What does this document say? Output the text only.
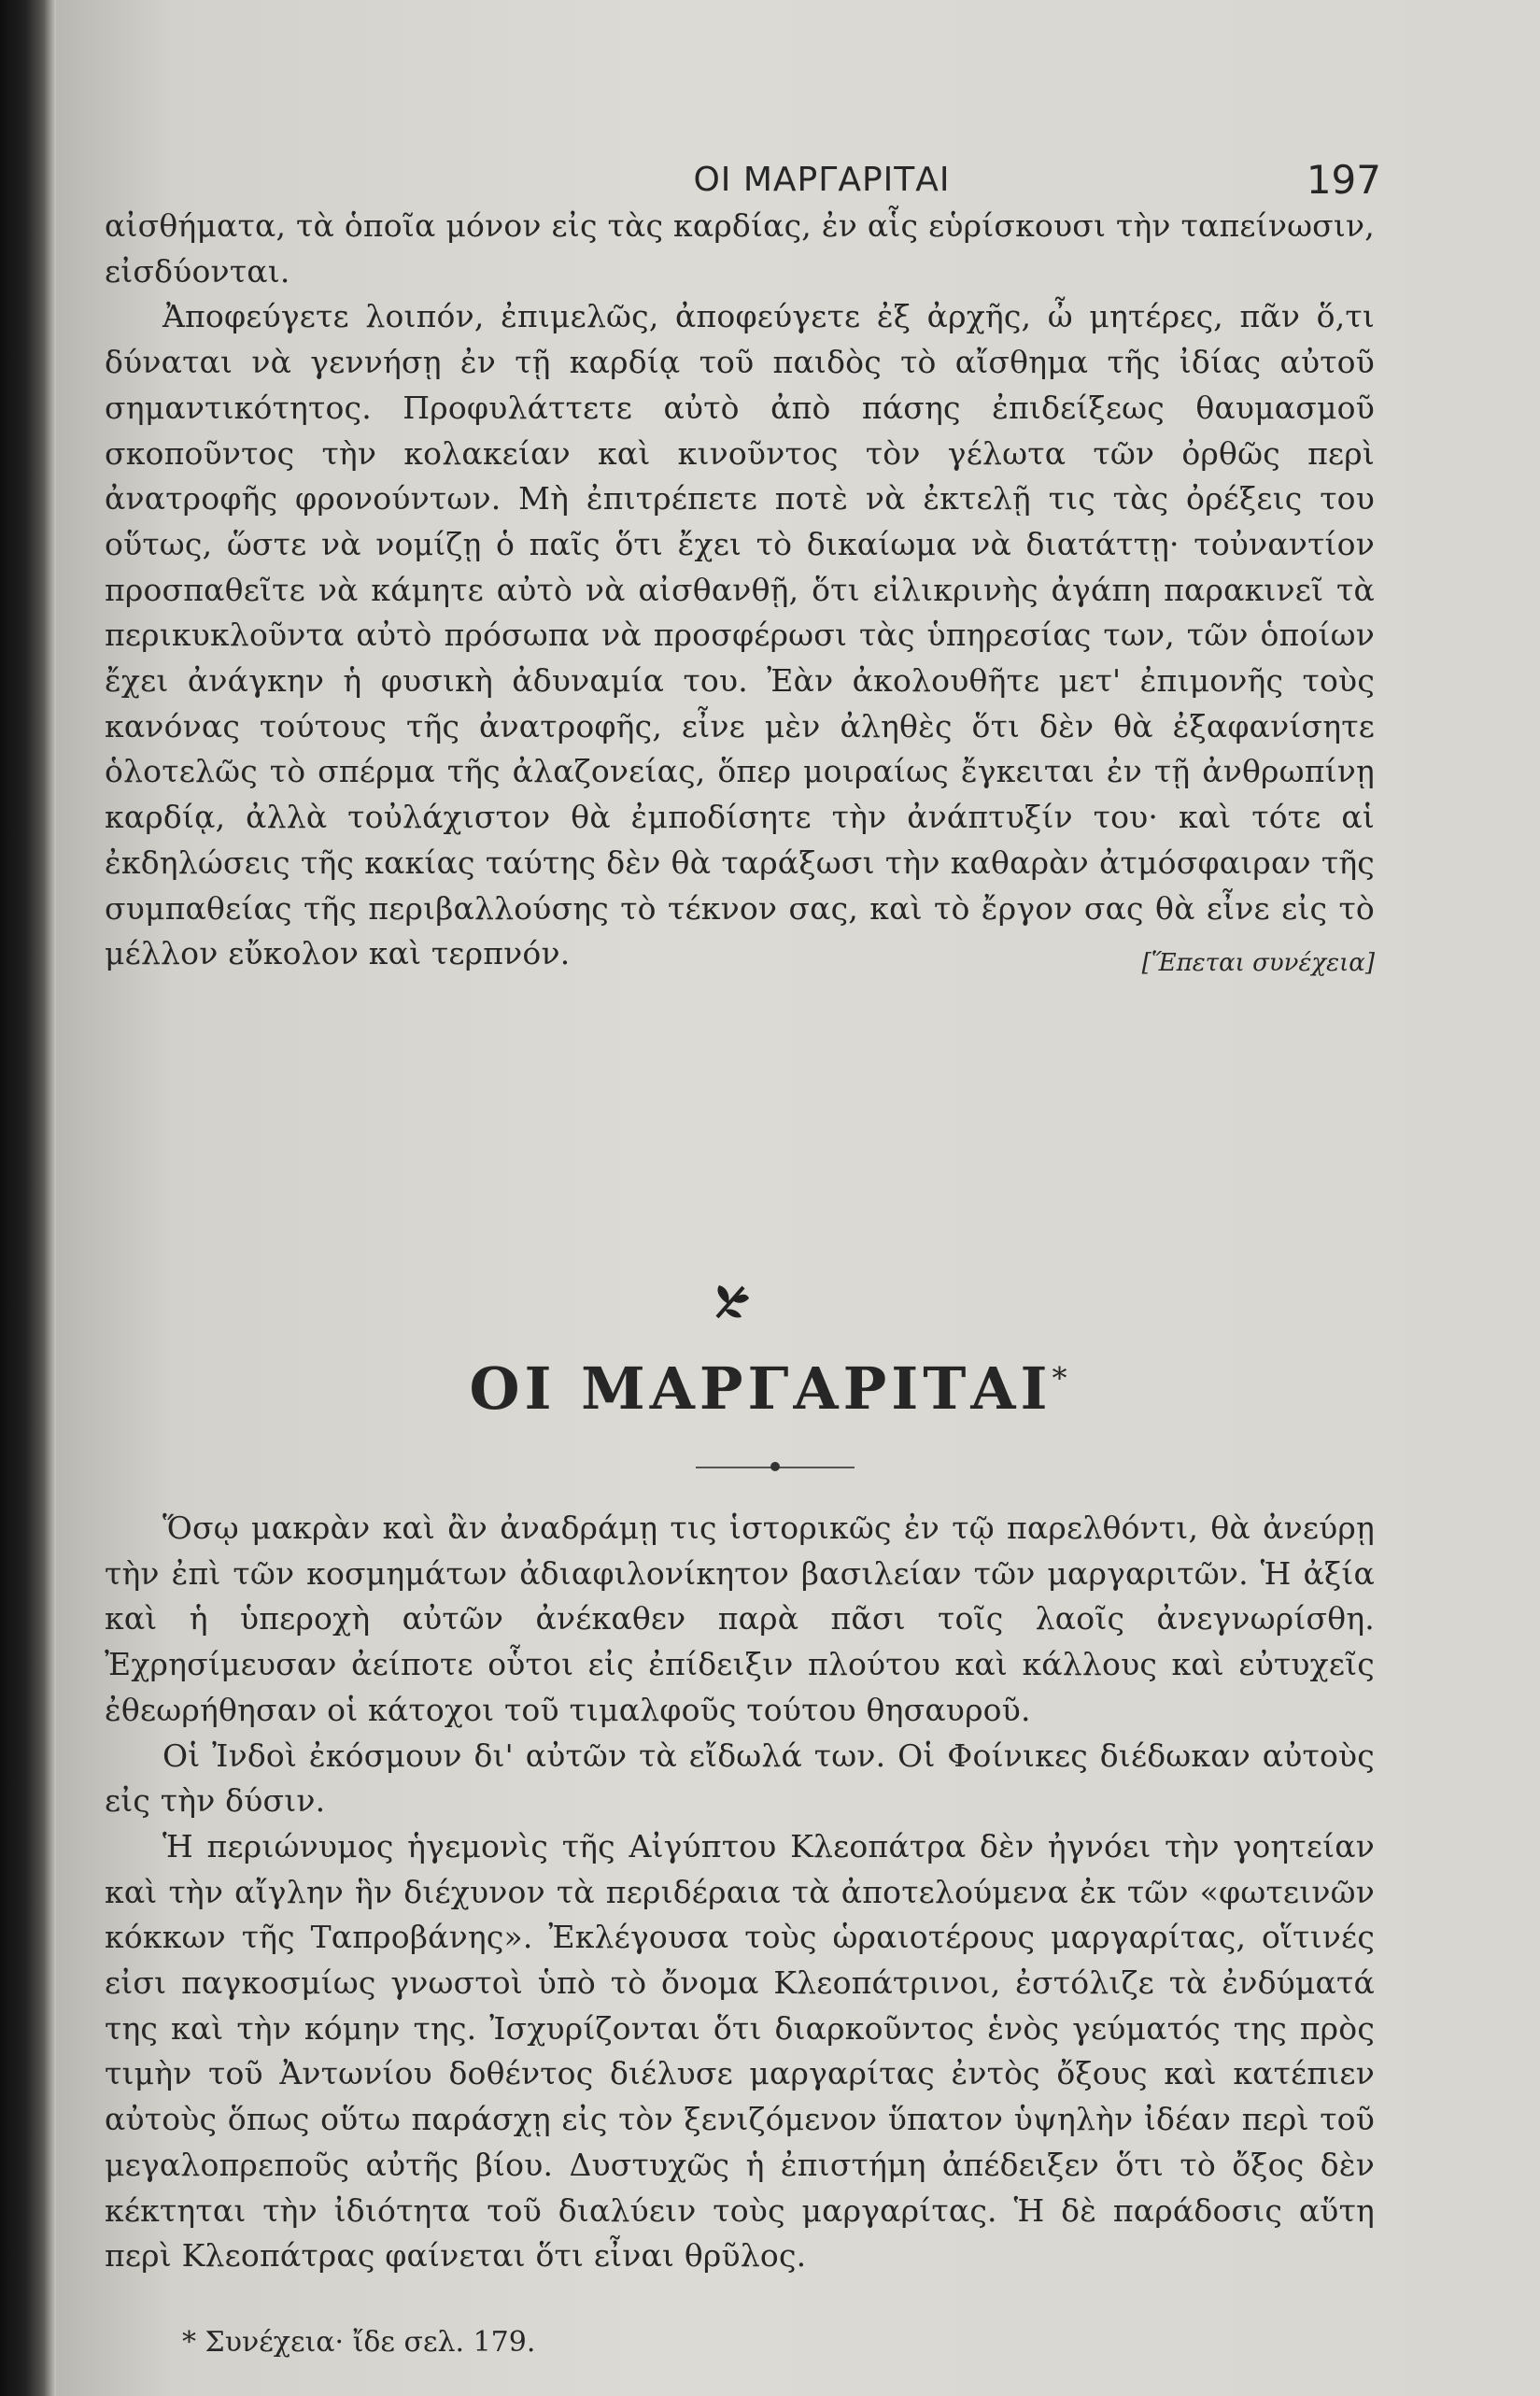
ΟΙ ΜΑΡΓΑΡΙΤΑΙ	197

αἰσθήματα, τὰ ὁποῖα μόνον εἰς τὰς καρδίας, ἐν αἷς εὑρίσκουσι τὴν ταπείνωσιν, εἰσδύονται.

Ἀποφεύγετε λοιπόν, ἐπιμελῶς, ἀποφεύγετε ἐξ ἀρχῆς, ὦ μητέρες, πᾶν ὅ,τι δύναται νὰ γεννήσῃ ἐν τῇ καρδίᾳ τοῦ παιδὸς τὸ αἴσθημα τῆς ἰδίας αὐτοῦ σημαντικότητος. Προφυλάττετε αὐτὸ ἀπὸ πάσης ἐπιδείξεως θαυμασμοῦ σκοποῦντος τὴν κολακείαν καὶ κινοῦντος τὸν γέλωτα τῶν ὀρθῶς περὶ ἀνατροφῆς φρονούντων. Μὴ ἐπιτρέπετε ποτὲ νὰ ἐκτελῇ τις τὰς ὀρέξεις του οὕτως, ὥστε νὰ νομίζῃ ὁ παῖς ὅτι ἔχει τὸ δικαίωμα νὰ διατάττῃ· τοὐναντίον προσπαθεῖτε νὰ κάμητε αὐτὸ νὰ αἰσθανθῇ, ὅτι εἰλικρινὴς ἀγάπη παρακινεῖ τὰ περικυκλοῦντα αὐτὸ πρόσωπα νὰ προσφέρωσι τὰς ὑπηρεσίας των, τῶν ὁποίων ἔχει ἀνάγκην ἡ φυσικὴ ἀδυναμία του. Ἐὰν ἀκολουθῆτε μετ' ἐπιμονῆς τοὺς κανόνας τούτους τῆς ἀνατροφῆς, εἶνε μὲν ἀληθὲς ὅτι δὲν θὰ ἐξαφανίσητε ὁλοτελῶς τὸ σπέρμα τῆς ἀλαζονείας, ὅπερ μοιραίως ἔγκειται ἐν τῇ ἀνθρωπίνῃ καρδίᾳ, ἀλλὰ τοὐλάχιστον θὰ ἐμποδίσητε τὴν ἀνάπτυξίν του· καὶ τότε αἱ ἐκδηλώσεις τῆς κακίας ταύτης δὲν θὰ ταράξωσι τὴν καθαρὰν ἀτμόσφαιραν τῆς συμπαθείας τῆς περιβαλλούσης τὸ τέκνον σας, καὶ τὸ ἔργον σας θὰ εἶνε εἰς τὸ μέλλον εὔκολον καὶ τερπνόν.	[Ἕπεται συνέχεια]
ΟΙ ΜΑΡΓΑΡΙΤΑΙ*

Ὅσῳ μακρὰν καὶ ἂν ἀναδράμῃ τις ἱστορικῶς ἐν τῷ παρελθόντι, θὰ ἀνεύρῃ τὴν ἐπὶ τῶν κοσμημάτων ἀδιαφιλονίκητον βασιλείαν τῶν μαργαριτῶν. Ἡ ἀξία καὶ ἡ ὑπεροχὴ αὐτῶν ἀνέκαθεν παρὰ πᾶσι τοῖς λαοῖς ἀνεγνωρίσθη. Ἐχρησίμευσαν ἀείποτε οὗτοι εἰς ἐπίδειξιν πλούτου καὶ κάλλους καὶ εὐτυχεῖς ἐθεωρήθησαν οἱ κάτοχοι τοῦ τιμαλφοῦς τούτου θησαυροῦ.

Οἱ Ἰνδοὶ ἐκόσμουν δι' αὐτῶν τὰ εἴδωλά των. Οἱ Φοίνικες διέδωκαν αὐτοὺς εἰς τὴν δύσιν.

Ἡ περιώνυμος ἡγεμονὶς τῆς Αἰγύπτου Κλεοπάτρα δὲν ἠγνόει τὴν γοητείαν καὶ τὴν αἴγλην ἣν διέχυνον τὰ περιδέραια τὰ ἀποτελούμενα ἐκ τῶν «φωτεινῶν κόκκων τῆς Ταπροβάνης». Ἐκλέγουσα τοὺς ὡραιοτέρους μαργαρίτας, οἵτινές εἰσι παγκοσμίως γνωστοὶ ὑπὸ τὸ ὄνομα Κλεοπάτρινοι, ἐστόλιζε τὰ ἐνδύματά της καὶ τὴν κόμην της. Ἰσχυρίζονται ὅτι διαρκοῦντος ἑνὸς γεύματός της πρὸς τιμὴν τοῦ Ἀντωνίου δοθέντος διέλυσε μαργαρίτας ἐντὸς ὄξους καὶ κατέπιεν αὐτοὺς ὅπως οὕτω παράσχῃ εἰς τὸν ξενιζόμενον ὕπατον ὑψηλὴν ἰδέαν περὶ τοῦ μεγαλοπρεποῦς αὐτῆς βίου. Δυστυχῶς ἡ ἐπιστήμη ἀπέδειξεν ὅτι τὸ ὄξος δὲν κέκτηται τὴν ἰδιότητα τοῦ διαλύειν τοὺς μαργαρίτας. Ἡ δὲ παράδοσις αὕτη περὶ Κλεοπάτρας φαίνεται ὅτι εἶναι θρῦλος.

* Συνέχεια· ἴδε σελ. 179.
